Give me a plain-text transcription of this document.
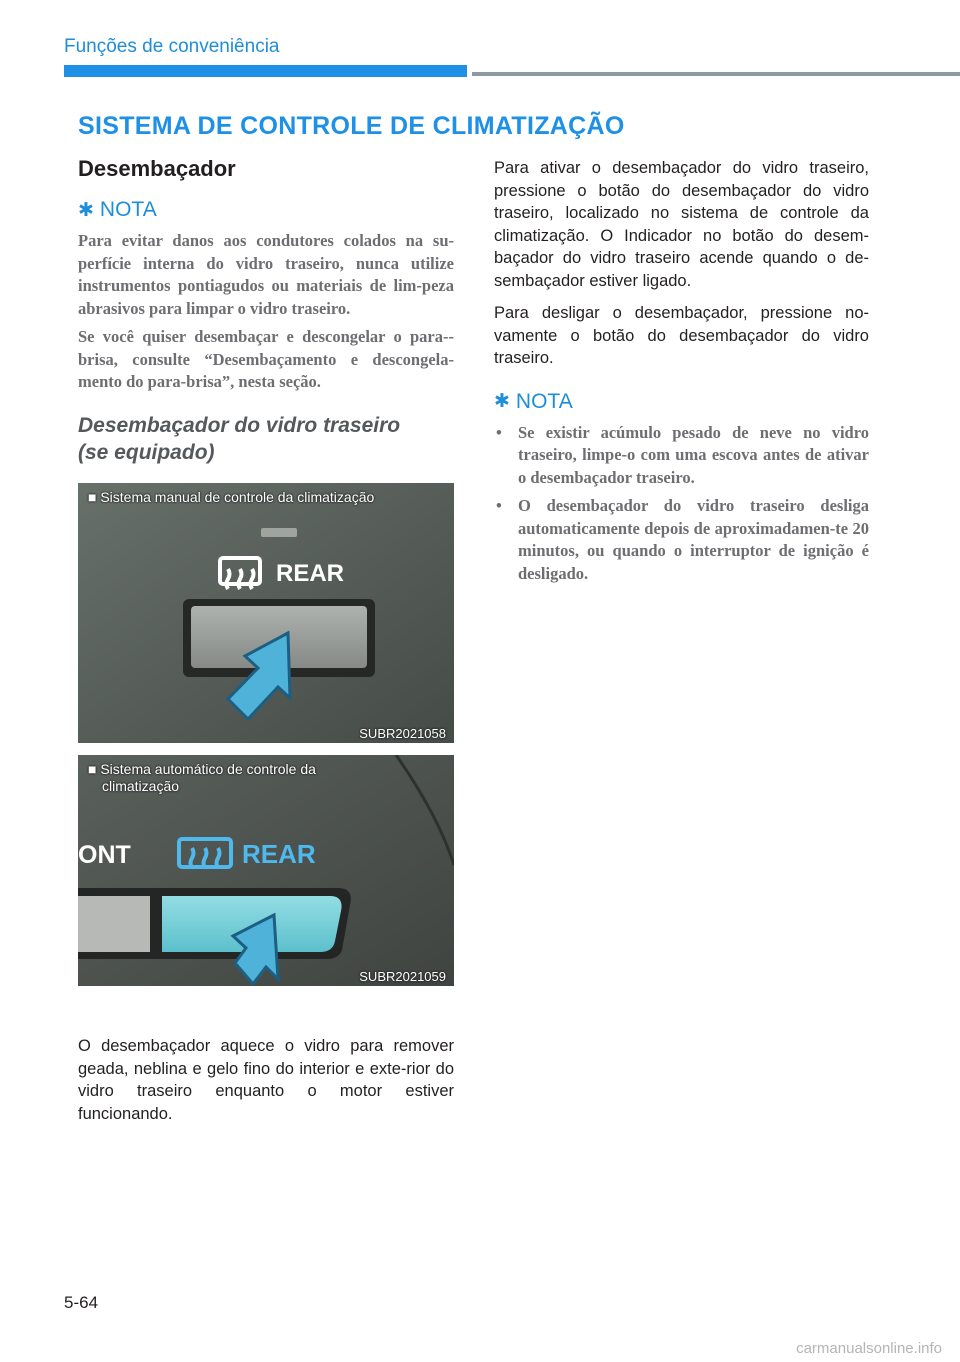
Funções de conveniência
SISTEMA DE CONTROLE DE CLIMATIZAÇÃO
Desembaçador
✱ NOTA

Para evitar danos aos condutores colados na su-perfície interna do vidro traseiro, nunca utilize instrumentos pontiagudos ou materiais de lim-peza abrasivos para limpar o vidro traseiro.

Se você quiser desembaçar e descongelar o para--brisa, consulte “Desembaçamento e descongela-mento do para-brisa”, nesta seção.

Desembaçador do vidro traseiro
(se equipado)
REAR
■ Sistema manual de controle da climatização
SUBR2021058
ONT	REAR
■ Sistema automático de controle da
climatização
SUBR2021059

O desembaçador aquece o vidro para remover geada, neblina e gelo fino do interior e exte-rior do vidro traseiro enquanto o motor estiver funcionando.

Para ativar o desembaçador do vidro traseiro, pressione o botão do desembaçador do vidro traseiro, localizado no sistema de controle da climatização. O Indicador no botão do desem-baçador do vidro traseiro acende quando o de-sembaçador estiver ligado.

Para desligar o desembaçador, pressione no-vamente o botão do desembaçador do vidro traseiro.

✱ NOTA
• Se existir acúmulo pesado de neve no vidro traseiro, limpe-o com uma escova antes de ativar o desembaçador traseiro.
• O desembaçador do vidro traseiro desliga automaticamente depois de aproximadamen-te 20 minutos, ou quando o interruptor de ignição é desligado.
5-64
carmanualsonline.info
